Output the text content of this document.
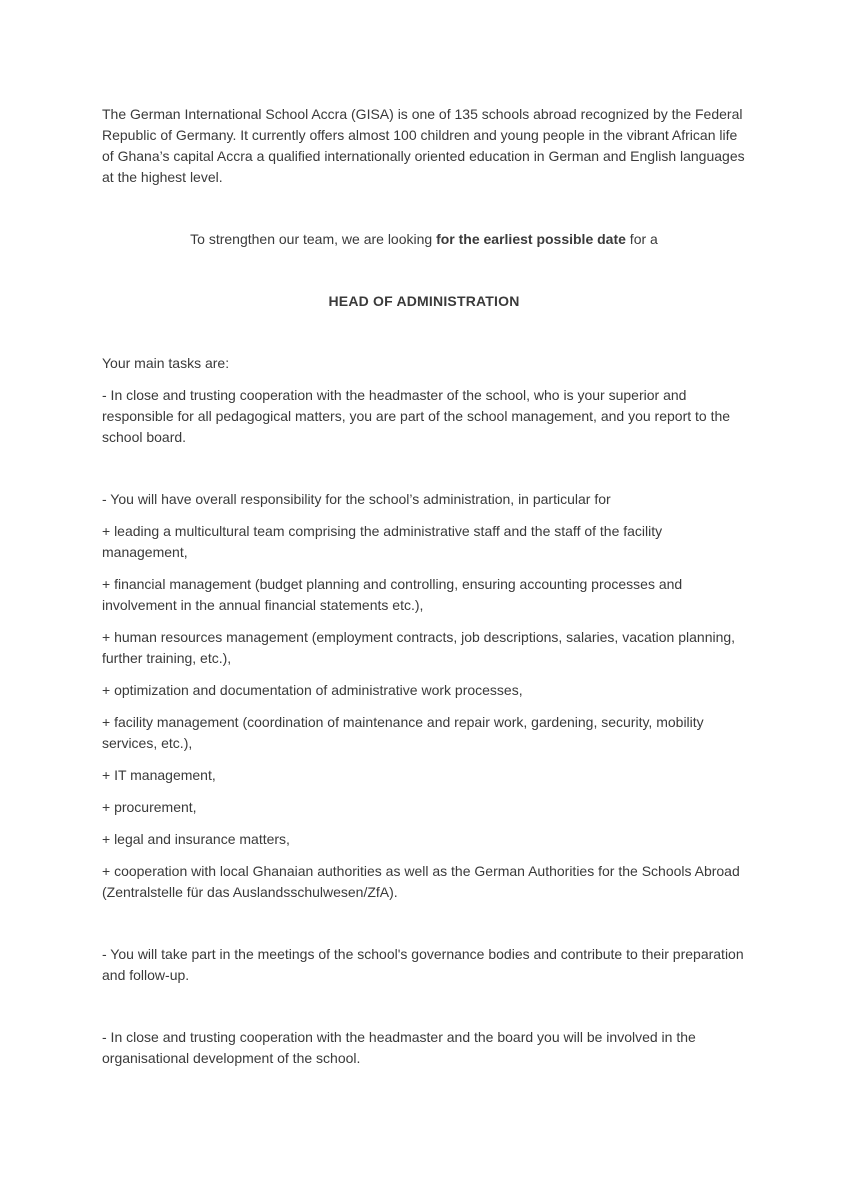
The German International School Accra (GISA) is one of 135 schools abroad recognized by the Federal Republic of Germany. It currently offers almost 100 children and young people in the vibrant African life of Ghana’s capital Accra a qualified internationally oriented education in German and English languages at the highest level.

To strengthen our team, we are looking for the earliest possible date for a

HEAD OF ADMINISTRATION

Your main tasks are:

- In close and trusting cooperation with the headmaster of the school, who is your superior and responsible for all pedagogical matters, you are part of the school management, and you report to the school board.

- You will have overall responsibility for the school’s administration, in particular for

+ leading a multicultural team comprising the administrative staff and the staff of the facility management,

+ financial management (budget planning and controlling, ensuring accounting processes and involvement in the annual financial statements etc.),

+ human resources management (employment contracts, job descriptions, salaries, vacation planning, further training, etc.),

+ optimization and documentation of administrative work processes,

+ facility management (coordination of maintenance and repair work, gardening, security, mobility services, etc.),

+ IT management,

+ procurement,

+ legal and insurance matters,

+ cooperation with local Ghanaian authorities as well as the German Authorities for the Schools Abroad (Zentralstelle für das Auslandsschulwesen/ZfA).

- You will take part in the meetings of the school's governance bodies and contribute to their preparation and follow-up.

- In close and trusting cooperation with the headmaster and the board you will be involved in the organisational development of the school.
